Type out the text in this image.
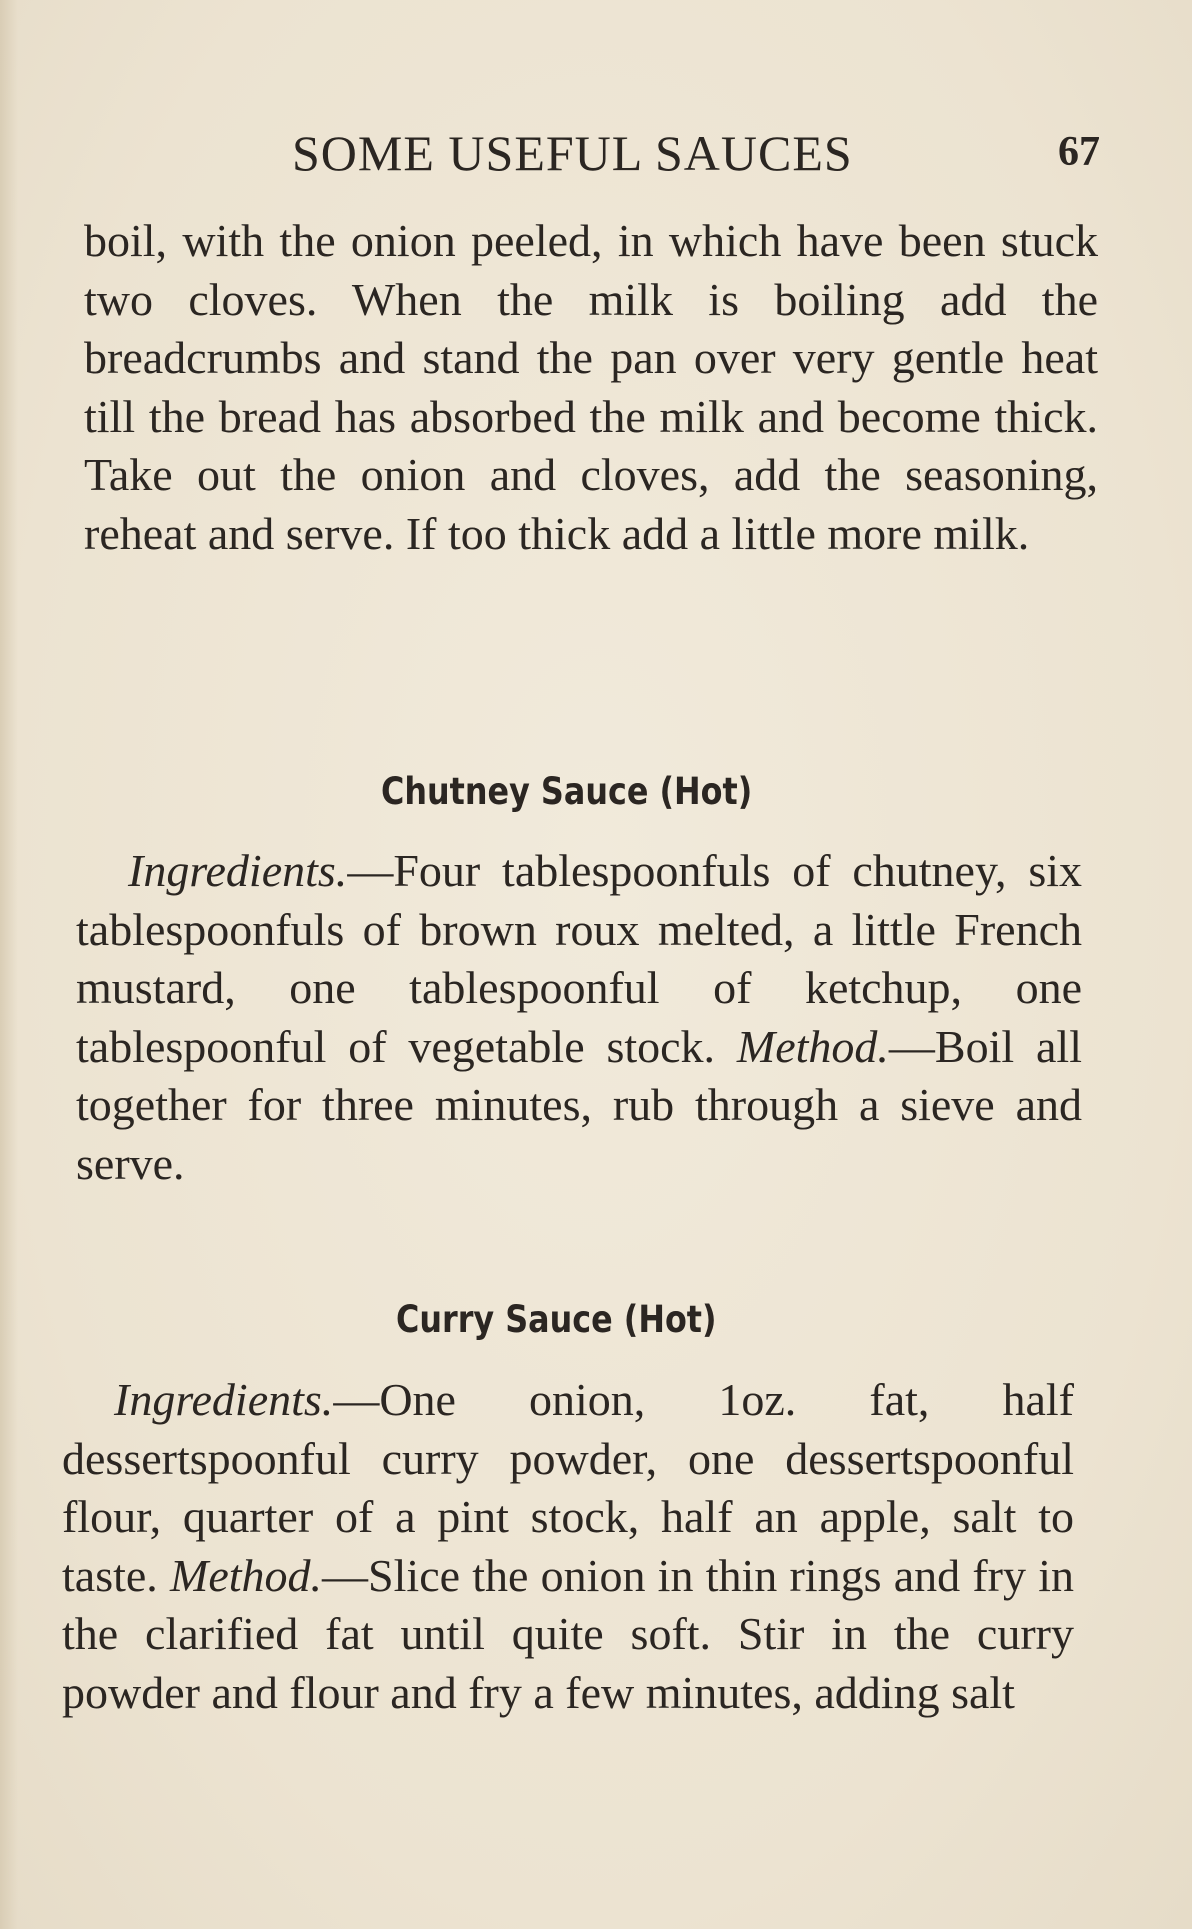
SOME USEFUL SAUCES	67

boil, with the onion peeled, in which have been stuck two cloves. When the milk is boiling add the breadcrumbs and stand the pan over very gentle heat till the bread has absorbed the milk and become thick. Take out the onion and cloves, add the seasoning, reheat and serve. If too thick add a little more milk.

Chutney Sauce (Hot)

Ingredients.—Four tablespoonfuls of chutney, six tablespoonfuls of brown roux melted, a little French mustard, one tablespoonful of ketchup, one tablespoonful of vegetable stock. Method.—Boil all together for three minutes, rub through a sieve and serve.

Curry Sauce (Hot)

Ingredients.—One onion, 1oz. fat, half dessertspoonful curry powder, one dessertspoonful flour, quarter of a pint stock, half an apple, salt to taste. Method.—Slice the onion in thin rings and fry in the clarified fat until quite soft. Stir in the curry powder and flour and fry a few minutes, adding salt
